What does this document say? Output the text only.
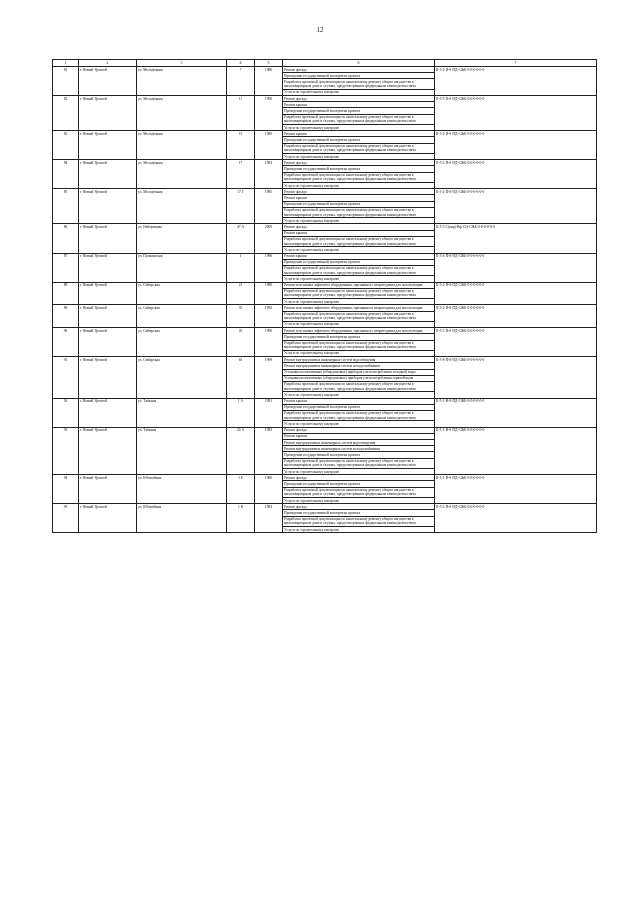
12
1	2	3	4	5	6	7
81	г. Новый Уренгой	ул. Молодёжная	7	1986	Ремонт фасада	II-5-2-П-0-ПД-СЖБ-0-0-0-0-0-0
					Проведение государственной экспертизы проекта	
					Разработка проектной документации по капитальному ремонту общего имущества в многоквартирном доме в случаях, предусмотренных федеральным законодательством	
					Услуги по строительному контролю	
82	г. Новый Уренгой	ул. Молодёжная	11	1990	Ремонт фасада	II-5-5-П-0-ПД-СЖБ-0-0-0-0-0-0
					Ремонт крыши	
					Проведение государственной экспертизы проекта	
					Разработка проектной документации по капитальному ремонту общего имущества в многоквартирном доме в случаях, предусмотренных федеральным законодательством	
					Услуги по строительному контролю	
83	г. Новый Уренгой	ул. Молодёжная	15	1985	Ремонт крыши	II-5-2-П-0-ПД-СЖБ-0-0-0-0-0-0
					Проведение государственной экспертизы проекта	
					Разработка проектной документации по капитальному ремонту общего имущества в многоквартирном доме в случаях, предусмотренных федеральным законодательством	
					Услуги по строительному контролю	
84	г. Новый Уренгой	ул. Молодёжная	17	1984	Ремонт фасада	II-5-2-П-0-ПД-СЖБ-0-0-0-0-0-0
					Проведение государственной экспертизы проекта	
					Разработка проектной документации по капитальному ремонту общего имущества в многоквартирном доме в случаях, предусмотренных федеральным законодательством	
					Услуги по строительному контролю	
85	г. Новый Уренгой	ул. Молодёжная	17 Г	1985	Ремонт фасада	II-5-2-П-0-ПД-СЖБ-0-0-0-0-0-0
					Ремонт крыши	
					Проведение государственной экспертизы проекта	
					Разработка проектной документации по капитальному ремонту общего имущества в многоквартирном доме в случаях, предусмотренных федеральным законодательством	
					Услуги по строительному контролю	
86	г. Новый Уренгой	ул. Набережная	47 А	2009	Ремонт фасада	II-5-5-С(кир)-Вф-СЦ-СЖБ-0-0-0-0-0-0
					Ремонт крыши	
					Разработка проектной документации по капитальному ремонту общего имущества в многоквартирном доме в случаях, предусмотренных федеральным законодательством	
					Услуги по строительному контролю	
87	г. Новый Уренгой	ул. Пушкинская	1	1996	Ремонт крыши	II-5-4-П-0-ПД-СЖБ-0-0-0-0-0-0
					Проведение государственной экспертизы проекта	
					Разработка проектной документации по капитальному ремонту общего имущества в многоквартирном доме в случаях, предусмотренных федеральным законодательством	
					Услуги по строительному контролю	
88	г. Новый Уренгой	ул. Сибирская	21	1988	Ремонт или замена лифтового оборудования, признанного непригодным для эксплуатации	II-5-2-П-0-ПД-СЖБ-0-0-0-0-0-0
					Разработка проектной документации по капитальному ремонту общего имущества в многоквартирном доме в случаях, предусмотренных федеральным законодательством	
					Услуги по строительному контролю	
89	г. Новый Уренгой	ул. Сибирская	35	1992	Ремонт или замена лифтового оборудования, признанного непригодным для эксплуатации	II-5-2-П-0-ПД-СЖБ-0-0-0-0-0-0
					Разработка проектной документации по капитальному ремонту общего имущества в многоквартирном доме в случаях, предусмотренных федеральным законодательством	
					Услуги по строительному контролю	
90	г. Новый Уренгой	ул. Сибирская	45	1996	Ремонт или замена лифтового оборудования, признанного непригодным для эксплуатации	II-5-1-П-0-ПД-СЖБ-0-0-0-0-0-0
					Проведение государственной экспертизы проекта	
					Разработка проектной документации по капитальному ремонту общего имущества в многоквартирном доме в случаях, предусмотренных федеральным законодательством	
					Услуги по строительному контролю	
91	г. Новый Уренгой	ул. Сибирская	63	1999	Ремонт внутридомовых инженерных систем водоотведения	II-5-8-П-0-ПД-СЖБ-0-0-0-0-0-0
					Ремонт внутридомовых инженерных систем холодоснабжения	
					Установка коллективных (общедомовых) приборов учета потребления холодной воды	
					Установка коллективных (общедомовых) приборов учета потребления горячей воды	
					Разработка проектной документации по капитальному ремонту общего имущества в многоквартирном доме в случаях, предусмотренных федеральным законодательством	
					Услуги по строительному контролю	
92	г. Новый Уренгой	ул. Таёжная	1 А	1991	Ремонт крыши	II-5-1-Н-0-ПД-СЖБ-0-0-0-0-0-0
					Проведение государственной экспертизы проекта	
					Разработка проектной документации по капитальному ремонту общего имущества в многоквартирном доме в случаях, предусмотренных федеральным законодательством	
					Услуги по строительному контролю	
93	г. Новый Уренгой	ул. Таёжная	24 А	1983	Ремонт фасада	II-5-1-Н-0-ПД-СЖБ-0-0-0-0-0-0
					Ремонт крыши	
					Ремонт внутридомовых инженерных систем водоотведения	
					Ремонт внутридомовых инженерных систем холодоснабжения	
					Проведение государственной экспертизы проекта	
					Разработка проектной документации по капитальному ремонту общего имущества в многоквартирном доме в случаях, предусмотренных федеральным законодательством	
					Услуги по строительному контролю	
94	г. Новый Уренгой	ул. Юбилейная	1 Б	1980	Ремонт фасада	II-5-1-П-0-ПД-СЖБ-0-0-0-0-0-0
					Проведение государственной экспертизы проекта	
					Разработка проектной документации по капитальному ремонту общего имущества в многоквартирном доме в случаях, предусмотренных федеральным законодательством	
					Услуги по строительному контролю	
95	г. Новый Уренгой	ул. Юбилейная	1 В	1984	Ремонт фасада	II-5-2-П-0-ПД-СЖБ-0-0-0-0-0-0
					Проведение государственной экспертизы проекта	
					Разработка проектной документации по капитальному ремонту общего имущества в многоквартирном доме в случаях, предусмотренных федеральным законодательством	
					Услуги по строительному контролю	
